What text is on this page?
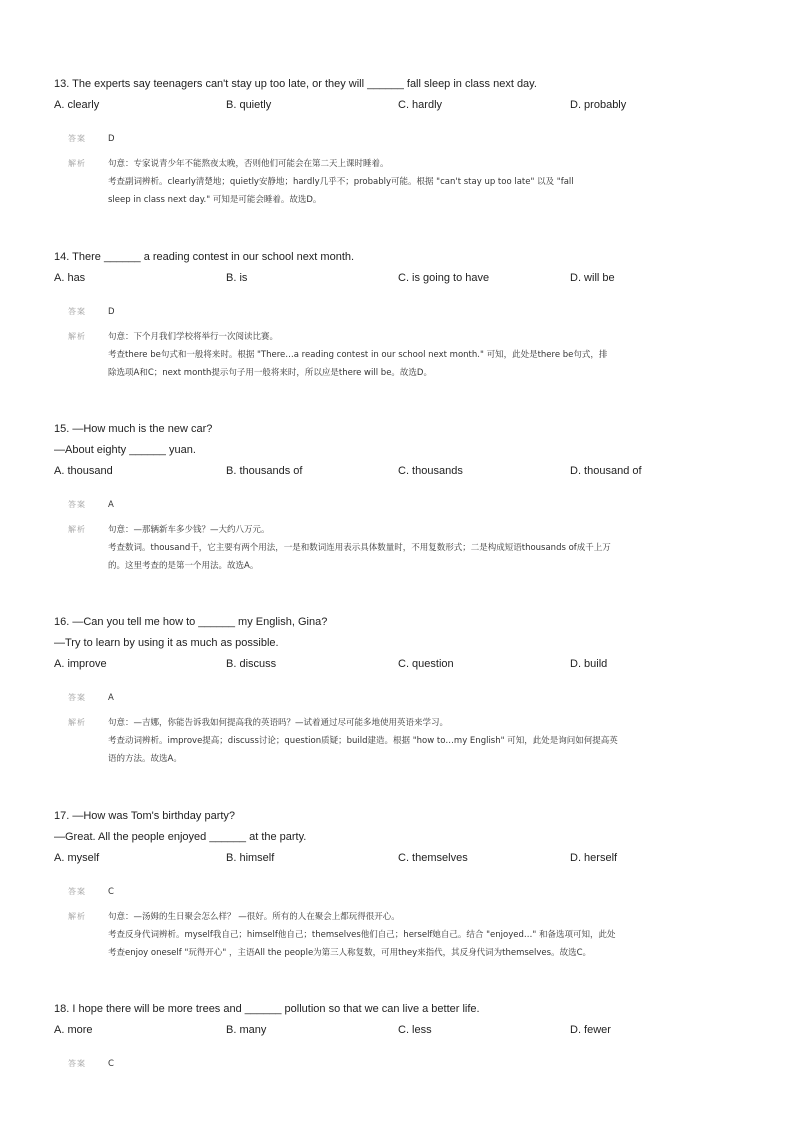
13. The experts say teenagers can't stay up too late, or they will ______ fall sleep in class next day.
A. clearly	B. quietly	C. hardly	D. probably
答案	D
解析	句意：专家说青少年不能熬夜太晚，否则他们可能会在第二天上课时睡着。
考查副词辨析。clearly清楚地；quietly安静地；hardly几乎不；probably可能。根据 "can't stay up too late" 以及 "fall
sleep in class next day." 可知是可能会睡着。故选D。
14. There ______ a reading contest in our school next month.
A. has	B. is	C. is going to have	D. will be
答案	D
解析	句意：下个月我们学校将举行一次阅读比赛。
考查there be句式和一般将来时。根据 "There…a reading contest in our school next month." 可知，此处是there be句式，排
除选项A和C；next month提示句子用一般将来时，所以应是there will be。故选D。
15. —How much is the new car?
—About eighty ______ yuan.
A. thousand	B. thousands of	C. thousands	D. thousand of
答案	A
解析	句意：—那辆新车多少钱？—大约八万元。
考查数词。thousand千，它主要有两个用法，一是和数词连用表示具体数量时，不用复数形式；二是构成短语thousands of成千上万
的。这里考查的是第一个用法。故选A。
16. —Can you tell me how to ______ my English, Gina?
—Try to learn by using it as much as possible.
A. improve	B. discuss	C. question	D. build
答案	A
解析	句意：—吉娜，你能告诉我如何提高我的英语吗？—试着通过尽可能多地使用英语来学习。
考查动词辨析。improve提高；discuss讨论；question质疑；build建造。根据 "how to…my English" 可知，此处是询问如何提高英
语的方法。故选A。
17. —How was Tom's birthday party?
—Great. All the people enjoyed ______ at the party.
A. myself	B. himself	C. themselves	D. herself
答案	C
解析	句意：—汤姆的生日聚会怎么样？ —很好。所有的人在聚会上都玩得很开心。
考查反身代词辨析。myself我自己；himself他自己；themselves他们自己；herself她自己。结合 "enjoyed…" 和备选项可知，此处
考查enjoy oneself "玩得开心" ，主语All the people为第三人称复数，可用they来指代，其反身代词为themselves。故选C。
18. I hope there will be more trees and ______ pollution so that we can live a better life.
A. more	B. many	C. less	D. fewer
答案	C
